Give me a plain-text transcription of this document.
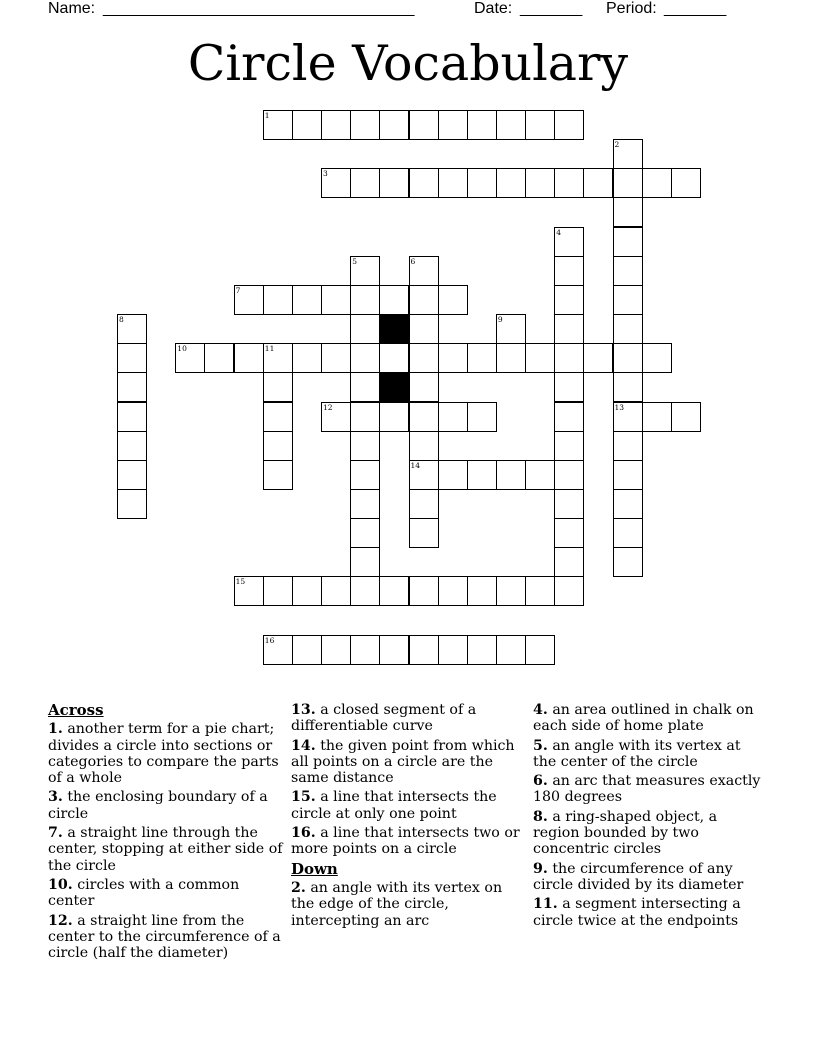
Name:

___________________________________

	Date:

_______

Period:

_______

Circle Vocabulary
1
2
3
4
5	6
7
8	9
10	11
12	13
14
15
16
Across
1. another term for a pie chart; divides a circle into sections or categories to compare the parts of a whole
3. the enclosing boundary of a circle
7. a straight line through the center, stopping at either side of the circle
10. circles with a common center
12. a straight line from the center to the circumference of a circle (half the diameter)
13. a closed segment of a differentiable curve
14. the given point from which all points on a circle are the same distance
15. a line that intersects the circle at only one point
16. a line that intersects two or more points on a circle
Down
2. an angle with its vertex on the edge of the circle, intercepting an arc
4. an area outlined in chalk on each side of home plate
5. an angle with its vertex at the center of the circle
6. an arc that measures exactly 180 degrees
8. a ring-shaped object, a region bounded by two concentric circles
9. the circumference of any circle divided by its diameter
11. a segment intersecting a circle twice at the endpoints
